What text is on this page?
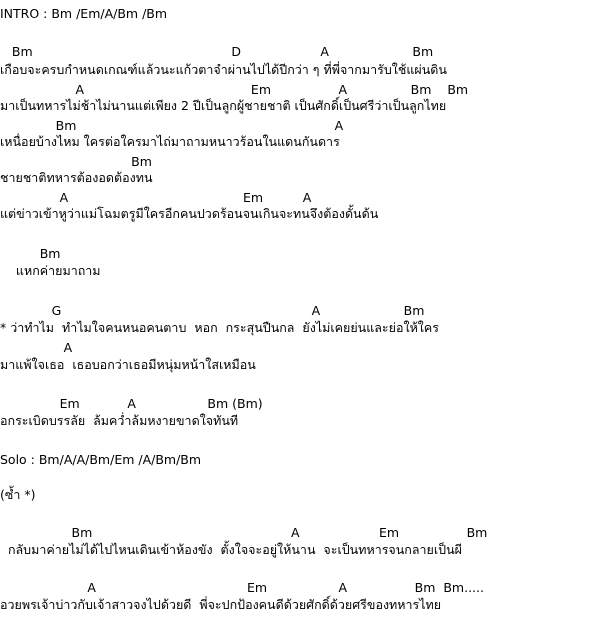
INTRO : Bm /Em/A/Bm /Bm
Bm                                                  D                    A                     Bm
เกือบจะครบกำหนดเกณฑ์แล้วนะแก้วตาจำผ่านไปได้ปีกว่า ๆ ที่พี่จากมารับใช้แผ่นดิน
A                                          Em                 A                Bm    Bm
มาเป็นทหารไม่ช้าไม่นานแต่เพียง 2 ปีเป็นลูกผู้ชายชาติ เป็นศักดิ์เป็นศรีว่าเป็นลูกไทย
Bm                                                                 A
เหนื่อยบ้างไหม ใครต่อใครมาไถ่มาถามหนาวร้อนในแดนกันดาร
Bm
ชายชาติทหารต้องอดต้องทน
A                                            Em          A
แต่ข่าวเข้าหูว่าแม่โฉมตรูมีใครอีกคนปวดร้อนจนเกินจะทนจึงต้องดั้นด้น
Bm
แหกค่ายมาถาม
G                                                               A                     Bm
* ว่าทำไม  ทำไมใจคนหนอคนตาบ  หอก  กระสุนปืนกล  ยังไม่เคยย่นและย่อให้ใคร
A
มาแพ้ใจเธอ  เธอบอกว่าเธอมีหนุ่มหน้าใสเหมือน
Em            A                  Bm (Bm)
อกระเบิดบรรลัย  ล้มคว่ำล้มหงายขาดใจทันที
Solo : Bm/A/A/Bm/Em /A/Bm/Bm
(ซ้ำ *)
Bm                                                  A                    Em                 Bm
กลับมาค่ายไม่ได้ไปไหนเดินเข้าห้องขัง  ตั้งใจจะอยู่ให้นาน  จะเป็นทหารจนกลายเป็นผี
A                                      Em                  A                 Bm  Bm.....
อวยพรเจ้าบ่าวกับเจ้าสาวจงไปด้วยดี  พี่จะปกป้องคนดีด้วยศักดิ์ด้วยศรีของทหารไทย
